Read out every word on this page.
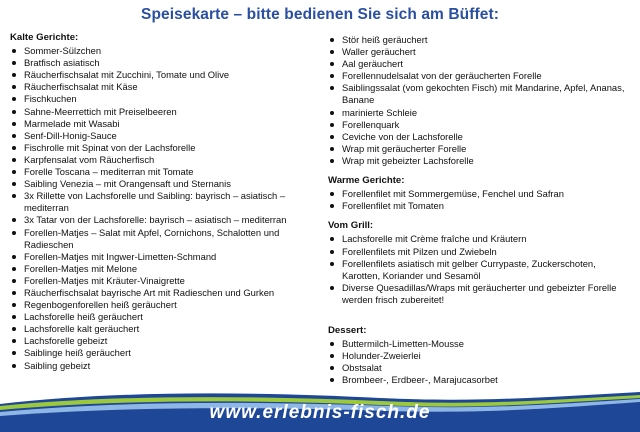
Speisekarte – bitte bedienen Sie sich am Büffet:
Kalte Gerichte:
Sommer-Sülzchen
Bratfisch asiatisch
Räucherfischsalat mit Zucchini, Tomate und Olive
Räucherfischsalat mit Käse
Fischkuchen
Sahne-Meerrettich mit Preiselbeeren
Marmelade mit Wasabi
Senf-Dill-Honig-Sauce
Fischrolle mit Spinat von der Lachsforelle
Karpfensalat vom Räucherfisch
Forelle Toscana – mediterran mit Tomate
Saibling Venezia – mit Orangensaft und Sternanis
3x Rillette von Lachsforelle und Saibling: bayrisch – asiatisch – mediterran
3x Tatar von der Lachsforelle: bayrisch – asiatisch – mediterran
Forellen-Matjes – Salat mit Apfel, Cornichons, Schalotten und Radieschen
Forellen-Matjes mit Ingwer-Limetten-Schmand
Forellen-Matjes mit Melone
Forellen-Matjes mit Kräuter-Vinaigrette
Räucherfischsalat bayrische Art mit Radieschen und Gurken
Regenbogenforellen heiß geräuchert
Lachsforelle heiß geräuchert
Lachsforelle kalt geräuchert
Lachsforelle gebeizt
Saiblinge heiß geräuchert
Saibling gebeizt
Stör heiß geräuchert
Waller geräuchert
Aal geräuchert
Forellennudelsalat von der geräucherten Forelle
Saiblingssalat (vom gekochten Fisch) mit Mandarine, Apfel, Ananas, Banane
marinierte Schleie
Forellenquark
Ceviche von der Lachsforelle
Wrap mit geräucherter Forelle
Wrap mit gebeizter Lachsforelle
Warme Gerichte:
Forellenfilet mit Sommergemüse, Fenchel und Safran
Forellenfilet mit Tomaten
Vom Grill:
Lachsforelle mit Crème fraîche und Kräutern
Forellenfilets mit Pilzen und Zwiebeln
Forellenfilets asiatisch mit gelber Currypaste, Zuckerschoten, Karotten, Koriander und Sesamöl
Diverse Quesadillas/Wraps mit geräucherter und gebeizter Forelle werden frisch zubereitet!
Dessert:
Buttermilch-Limetten-Mousse
Holunder-Zweierlei
Obstsalat
Brombeer-, Erdbeer-, Marajucasorbet
www.erlebnis-fisch.de
